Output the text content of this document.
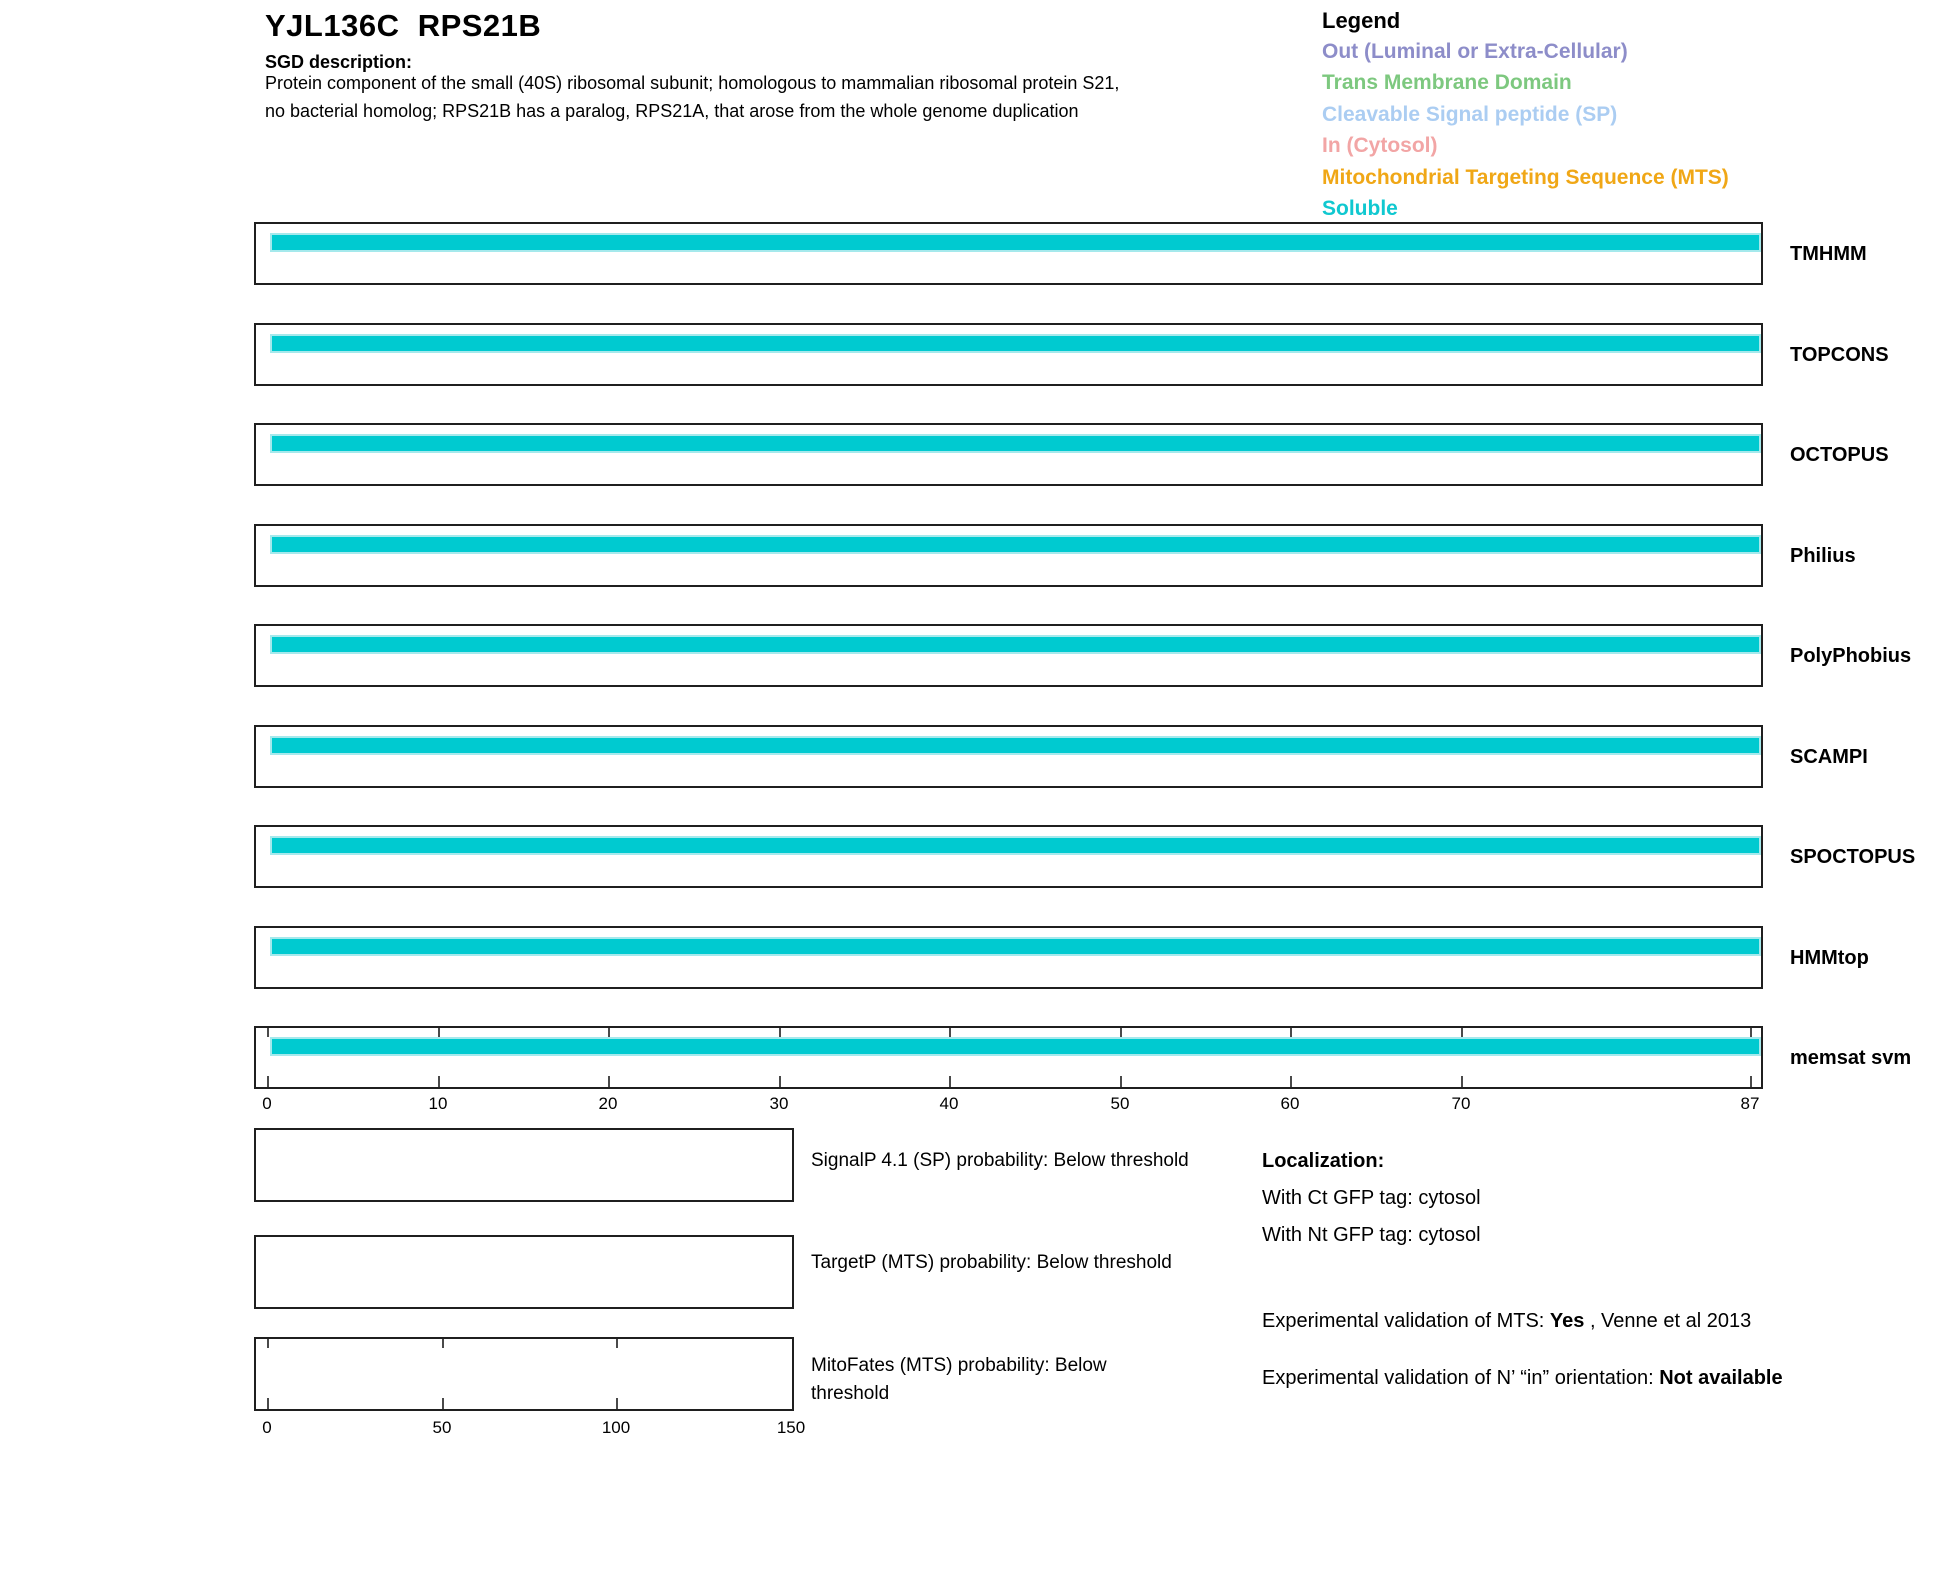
YJL136C  RPS21B
SGD description:
Protein component of the small (40S) ribosomal subunit; homologous to mammalian ribosomal protein S21,
no bacterial homolog; RPS21B has a paralog, RPS21A, that arose from the whole genome duplication
Legend
Out (Luminal or Extra-Cellular)
Trans Membrane Domain
Cleavable Signal peptide (SP)
In (Cytosol)
Mitochondrial Targeting Sequence (MTS)
Soluble
TMHMM
TOPCONS
OCTOPUS
Philius
PolyPhobius
SCAMPI
SPOCTOPUS
HMMtop
memsat svm
0	10	20	30	40	50	60	70	87
SignalP 4.1 (SP) probability: Below threshold
TargetP (MTS) probability: Below threshold
MitoFates (MTS) probability: Below threshold
0	50	100	150
Localization:
With Ct GFP tag: cytosol
With Nt GFP tag: cytosol
Experimental validation of MTS: Yes , Venne et al 2013
Experimental validation of N’ “in” orientation: Not available
